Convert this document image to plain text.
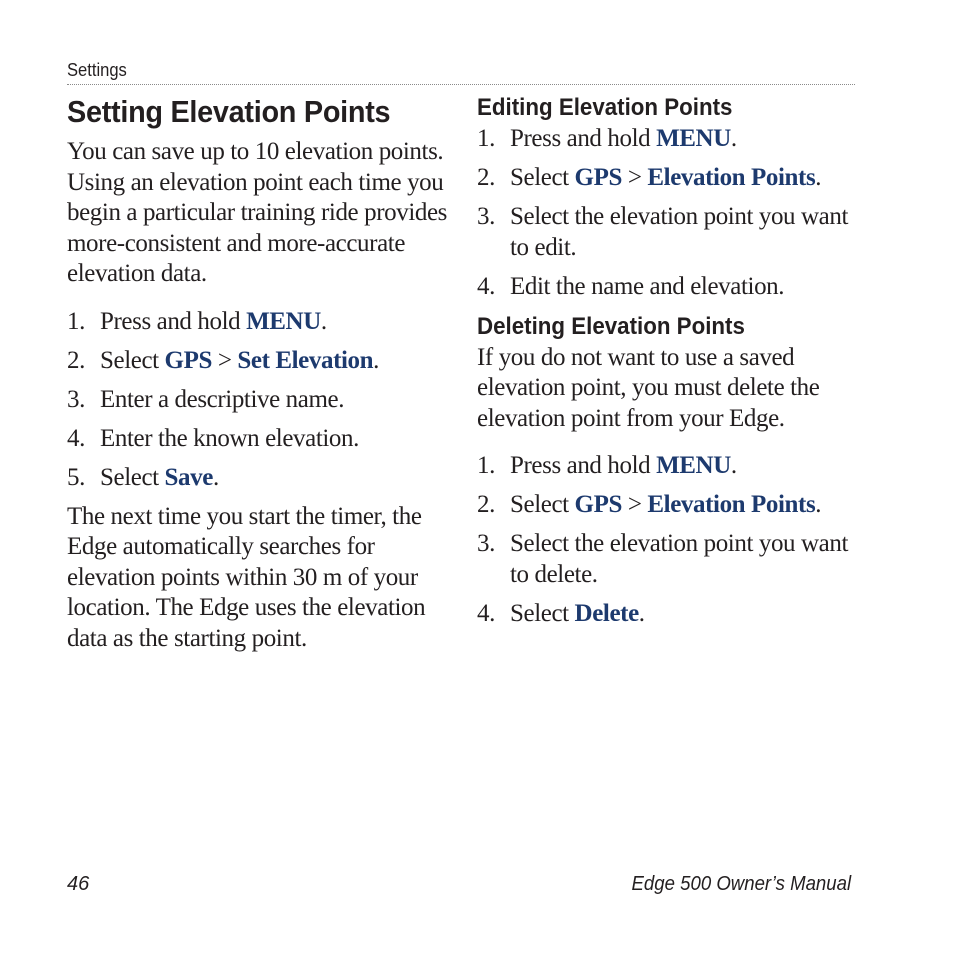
Settings
Setting Elevation Points

You can save up to 10 elevation points. Using an elevation point each time you begin a particular training ride provides more-consistent and more-accurate elevation data.

1. Press and hold MENU.
2. Select GPS > Set Elevation.
3. Enter a descriptive name.
4. Enter the known elevation.
5. Select Save.

The next time you start the timer, the Edge automatically searches for elevation points within 30 m of your location. The Edge uses the elevation data as the starting point.

Editing Elevation Points
1. Press and hold MENU.
2. Select GPS > Elevation Points.
3. Select the elevation point you want to edit.
4. Edit the name and elevation.
Deleting Elevation Points

If you do not want to use a saved elevation point, you must delete the elevation point from your Edge.

1. Press and hold MENU.
2. Select GPS > Elevation Points.
3. Select the elevation point you want to delete.
4. Select Delete.
46	Edge 500 Owner’s Manual
